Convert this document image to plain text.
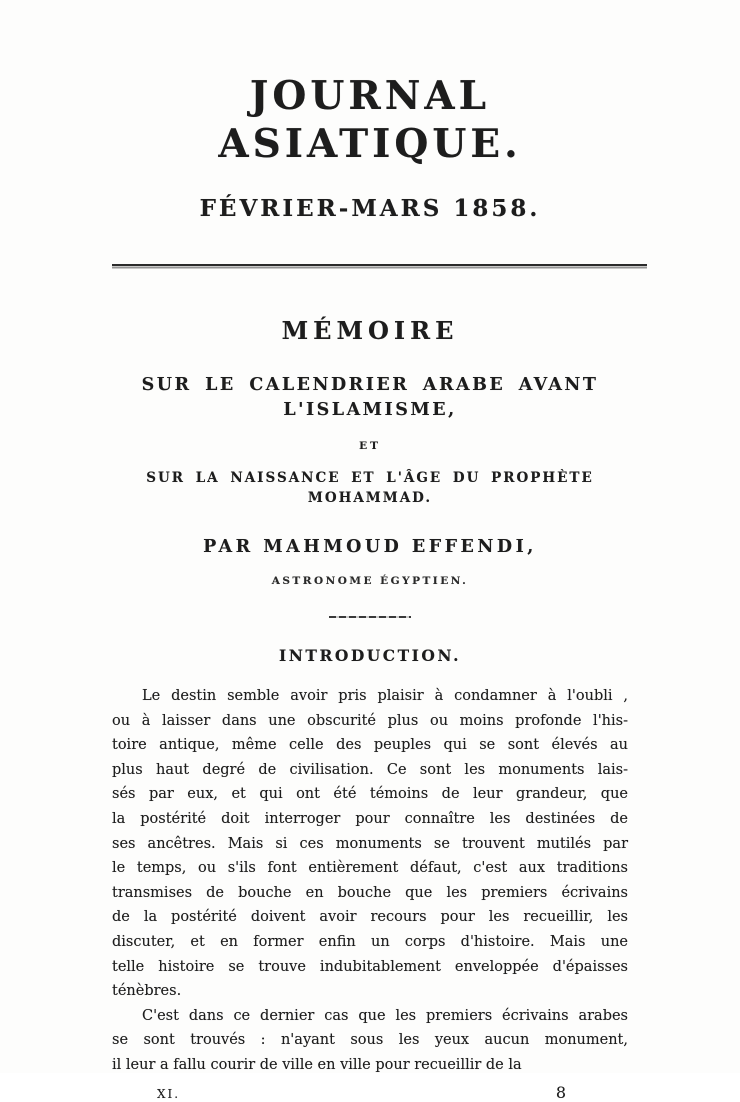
JOURNAL ASIATIQUE.
FÉVRIER-MARS 1858.
MÉMOIRE
SUR LE CALENDRIER ARABE AVANT L'ISLAMISME,
ET
SUR LA NAISSANCE ET L'ÂGE DU PROPHÈTE MOHAMMAD.
PAR MAHMOUD EFFENDI,
ASTRONOME ÉGYPTIEN.
INTRODUCTION.
Le destin semble avoir pris plaisir à condamner à l'oubli ,
ou à laisser dans une obscurité plus ou moins profonde l'his-
toire antique, même celle des peuples qui se sont élevés au
plus haut degré de civilisation. Ce sont les monuments lais-
sés par eux, et qui ont été témoins de leur grandeur, que
la postérité doit interroger pour connaître les destinées de
ses ancêtres. Mais si ces monuments se trouvent mutilés par
le temps, ou s'ils font entièrement défaut, c'est aux traditions
transmises de bouche en bouche que les premiers écrivains
de la postérité doivent avoir recours pour les recueillir, les
discuter, et en former enfin un corps d'histoire. Mais une
telle histoire se trouve indubitablement enveloppée d'épaisses
ténèbres.
C'est dans ce dernier cas que les premiers écrivains arabes
se sont trouvés : n'ayant sous les yeux aucun monument,
il leur a fallu courir de ville en ville pour recueillir de la
XI.	8
